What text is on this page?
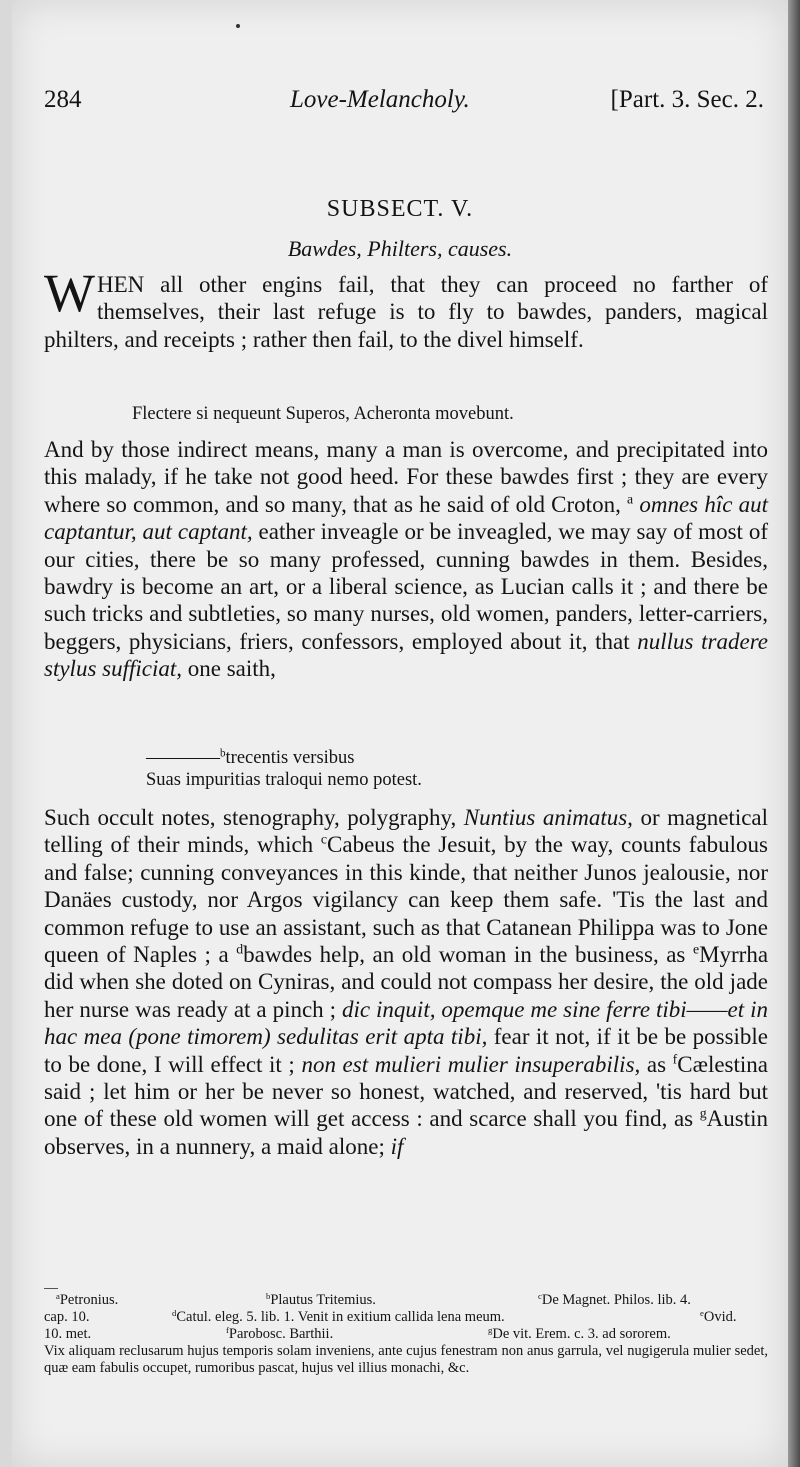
284	Love-Melancholy.	[Part. 3. Sec. 2.
SUBSECT. V.
Bawdes, Philters, causes.
WHEN all other engins fail, that they can proceed no farther of themselves, their last refuge is to fly to bawdes, panders, magical philters, and receipts ; rather then fail, to the divel himself.
Flectere si nequeunt Superos, Acheronta movebunt.
And by those indirect means, many a man is overcome, and precipitated into this malady, if he take not good heed. For these bawdes first ; they are every where so common, and so many, that as he said of old Croton, $^a$ omnes hîc aut captantur, aut captant, eather inveagle or be inveagled, we may say of most of our cities, there be so many professed, cunning bawdes in them. Besides, bawdry is become an art, or a liberal science, as Lucian calls it ; and there be such tricks and subtleties, so many nurses, old women, panders, letter-carriers, beggers, physicians, friers, confessors, employed about it, that nullus tradere stylus sufficiat, one saith,
————$^b$trecentis versibus
Suas impuritias traloqui nemo potest.
Such occult notes, stenography, polygraphy, Nuntius animatus, or magnetical telling of their minds, which $^c$Cabeus the Jesuit, by the way, counts fabulous and false; cunning conveyances in this kinde, that neither Junos jealousie, nor Danäes custody, nor Argos vigilancy can keep them safe. 'Tis the last and common refuge to use an assistant, such as that Catanean Philippa was to Jone queen of Naples ; a $^d$bawdes help, an old woman in the business, as $^e$Myrrha did when she doted on Cyniras, and could not compass her desire, the old jade her nurse was ready at a pinch ; dic inquit, opemque me sine ferre tibi——et in hac mea (pone timorem) sedulitas erit apta tibi, fear it not, if it be be possible to be done, I will effect it ; non est mulieri mulier insuperabilis, as $^f$Cælestina said ; let him or her be never so honest, watched, and reserved, 'tis hard but one of these old women will get access : and scarce shall you find, as $^g$Austin observes, in a nunnery, a maid alone; if
$^a$Petronius.	$^b$Plautus Tritemius.	$^c$De Magnet. Philos. lib. 4.
cap. 10.	$^d$Catul. eleg. 5. lib. 1. Venit in exitium callida lena meum.	$^e$Ovid.
10. met.	$^f$Parobosc. Barthii.	$^g$De vit. Erem. c. 3. ad sororem.
Vix aliquam reclusarum hujus temporis solam inveniens, ante cujus fenestram non anus garrula, vel nugigerula mulier sedet, quæ eam fabulis occupet, rumoribus pascat, hujus vel illius monachi, &c.
